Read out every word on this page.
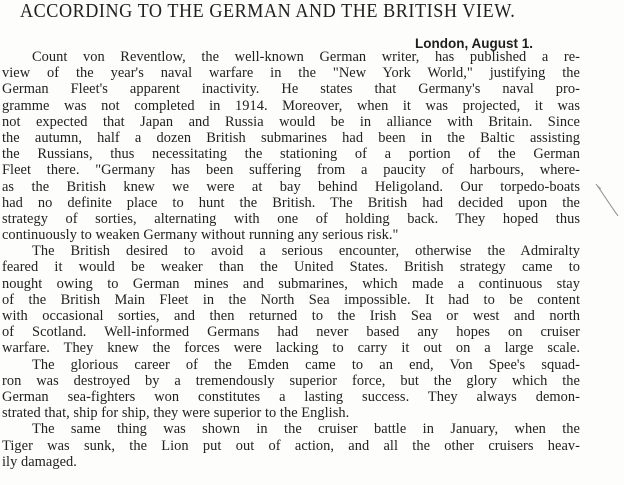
ACCORDING TO THE GERMAN AND THE BRITISH VIEW.
London, August 1.
Count von Reventlow, the well-known German writer, has published a re-
view of the year's naval warfare in the "New York World," justifying the
German Fleet's apparent inactivity. He states that Germany's naval pro-
gramme was not completed in 1914. Moreover, when it was projected, it was
not expected that Japan and Russia would be in alliance with Britain. Since
the autumn, half a dozen British submarines had been in the Baltic assisting
the Russians, thus necessitating the stationing of a portion of the German
Fleet there. "Germany has been suffering from a paucity of harbours, where-
as the British knew we were at bay behind Heligoland. Our torpedo-boats
had no definite place to hunt the British. The British had decided upon the
strategy of sorties, alternating with one of holding back. They hoped thus
continuously to weaken Germany without running any serious risk."
The British desired to avoid a serious encounter, otherwise the Admiralty
feared it would be weaker than the United States. British strategy came to
nought owing to German mines and submarines, which made a continuous stay
of the British Main Fleet in the North Sea impossible. It had to be content
with occasional sorties, and then returned to the Irish Sea or west and north
of Scotland. Well-informed Germans had never based any hopes on cruiser
warfare. They knew the forces were lacking to carry it out on a large scale.
The glorious career of the Emden came to an end, Von Spee's squad-
ron was destroyed by a tremendously superior force, but the glory which the
German sea-fighters won constitutes a lasting success. They always demon-
strated that, ship for ship, they were superior to the English.
The same thing was shown in the cruiser battle in January, when the
Tiger was sunk, the Lion put out of action, and all the other cruisers heav-
ily damaged.
